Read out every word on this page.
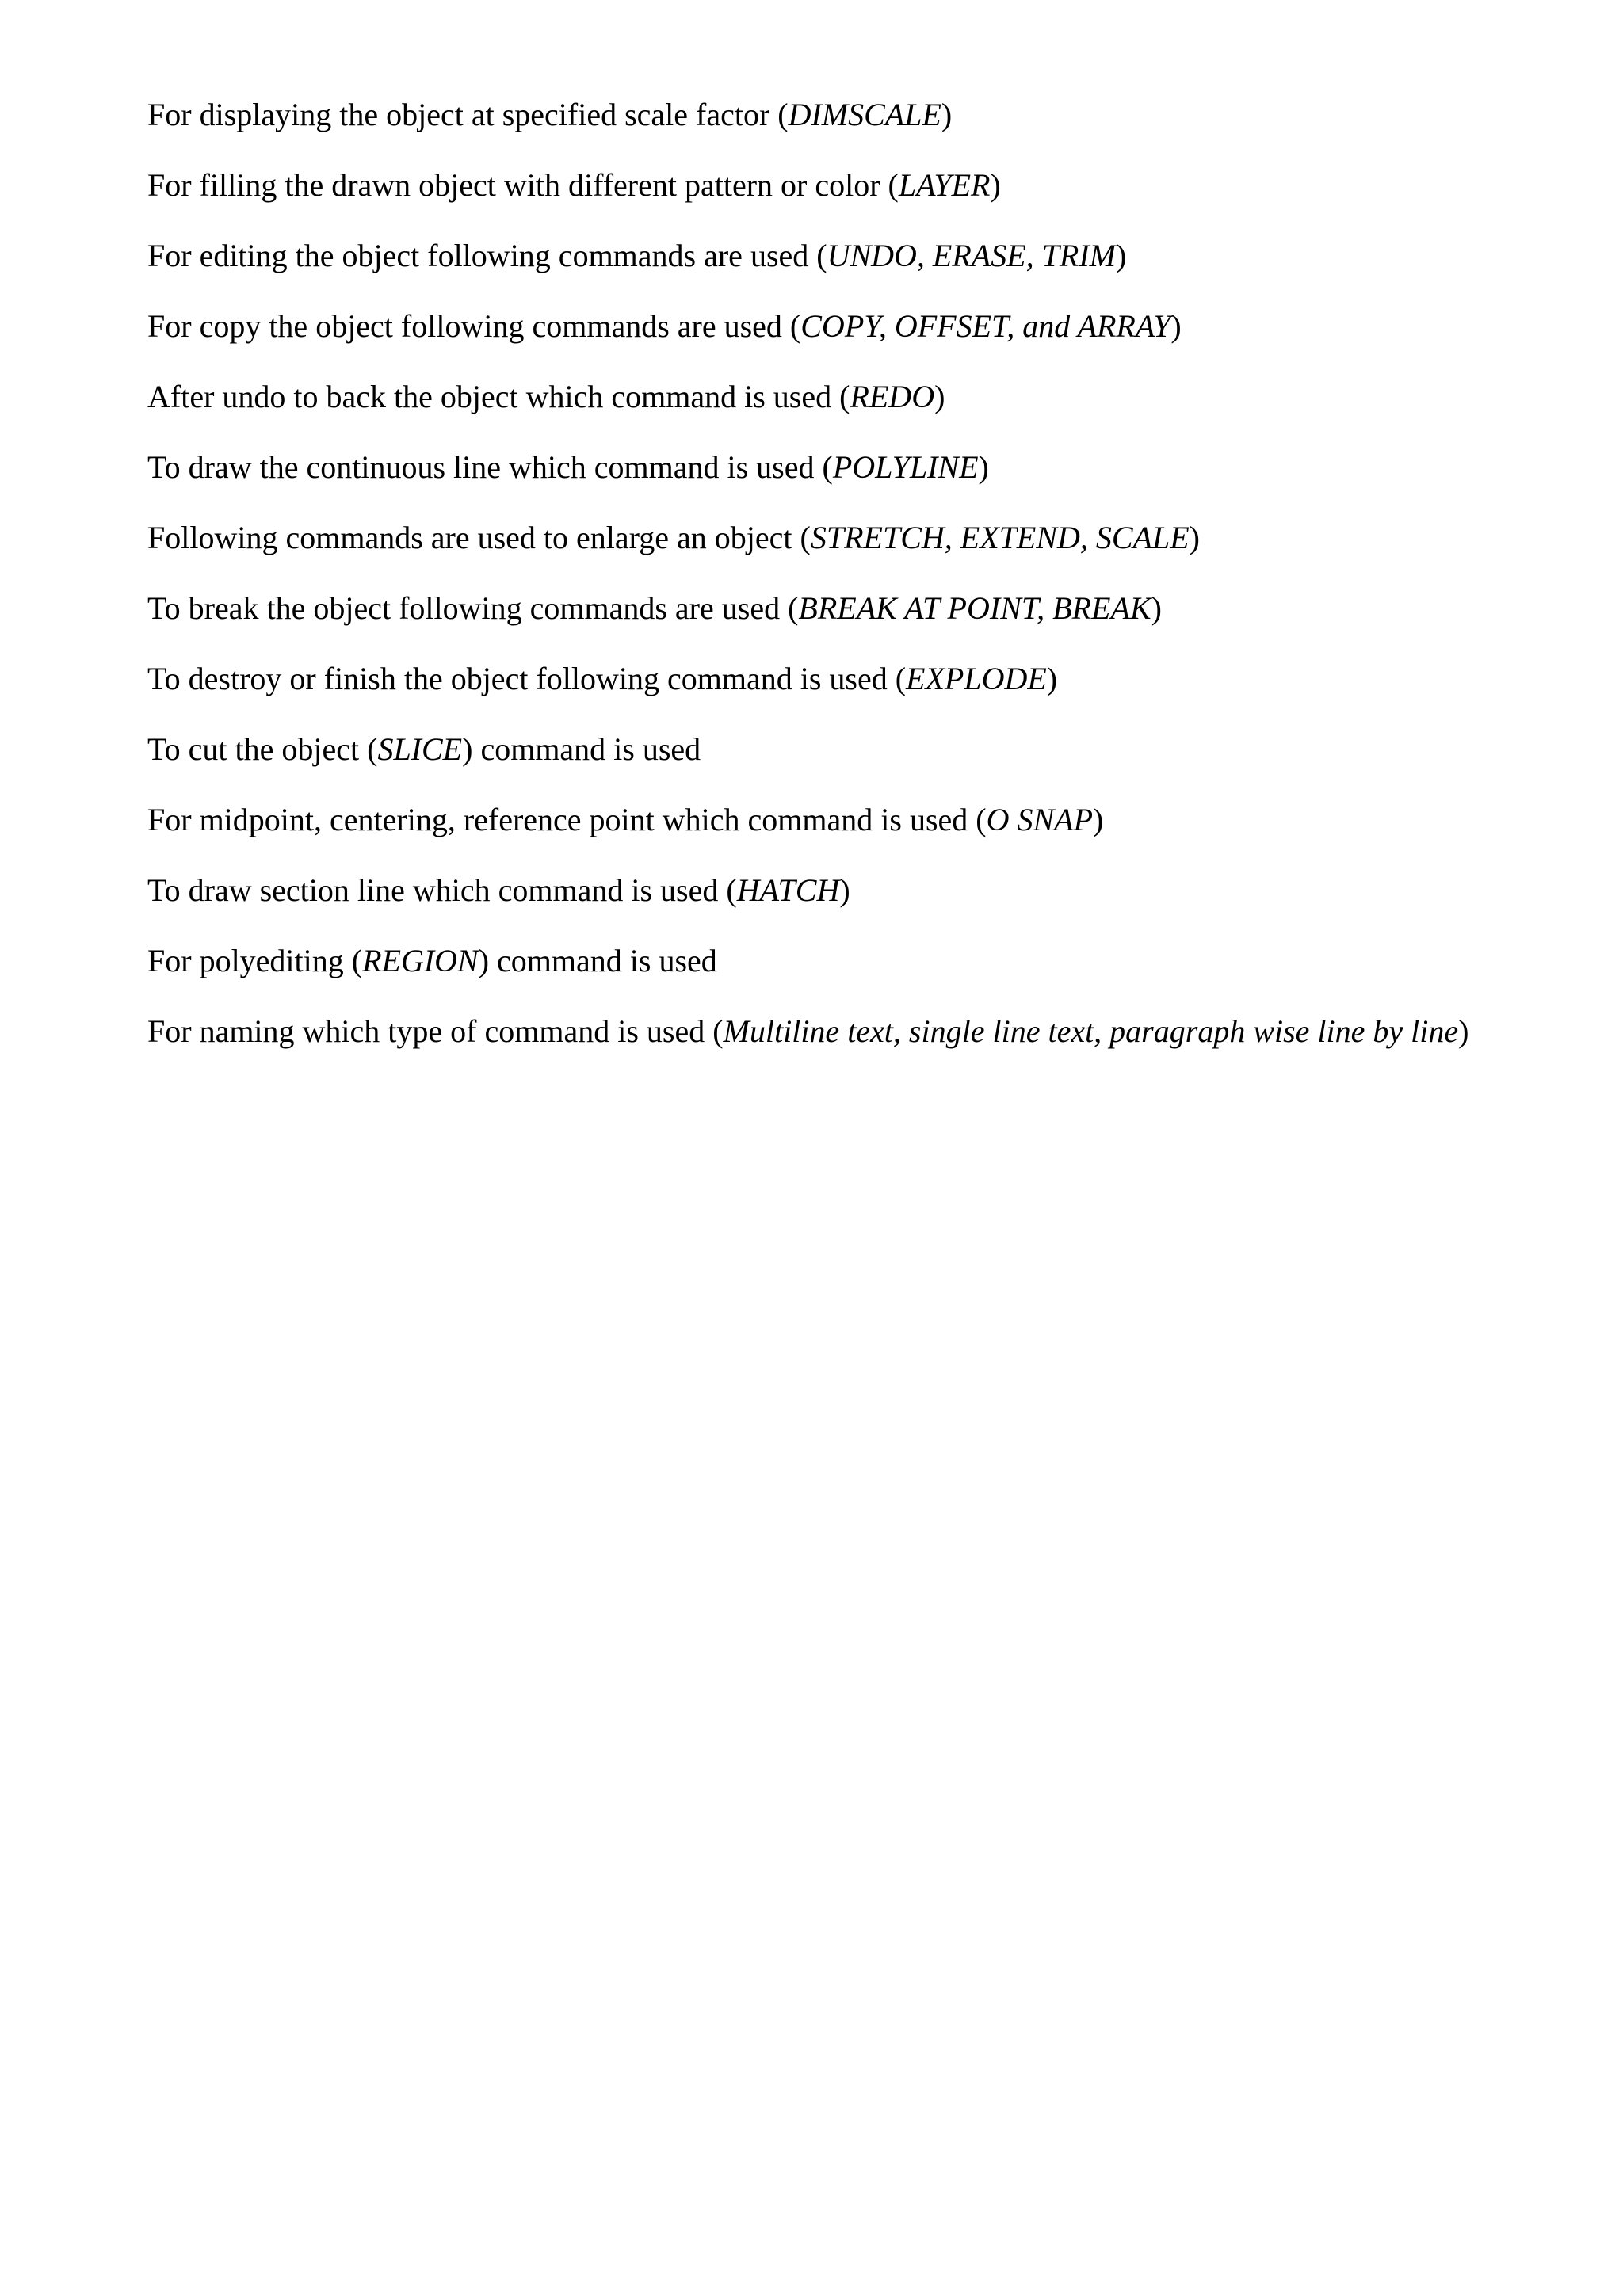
For displaying the object at specified scale factor (DIMSCALE)

For filling the drawn object with different pattern or color (LAYER)

For editing the object following commands are used (UNDO, ERASE, TRIM)

For copy the object following commands are used (COPY, OFFSET, and ARRAY)

After undo to back the object which command is used (REDO)

To draw the continuous line which command is used (POLYLINE)

Following commands are used to enlarge an object (STRETCH, EXTEND, SCALE)

To break the object following commands are used (BREAK AT POINT, BREAK)

To destroy or finish the object following command is used (EXPLODE)

To cut the object (SLICE) command is used

For midpoint, centering, reference point which command is used (O SNAP)

To draw section line which command is used (HATCH)

For polyediting (REGION) command is used

For naming which type of command is used (Multiline text, single line text, paragraph wise line by line)
